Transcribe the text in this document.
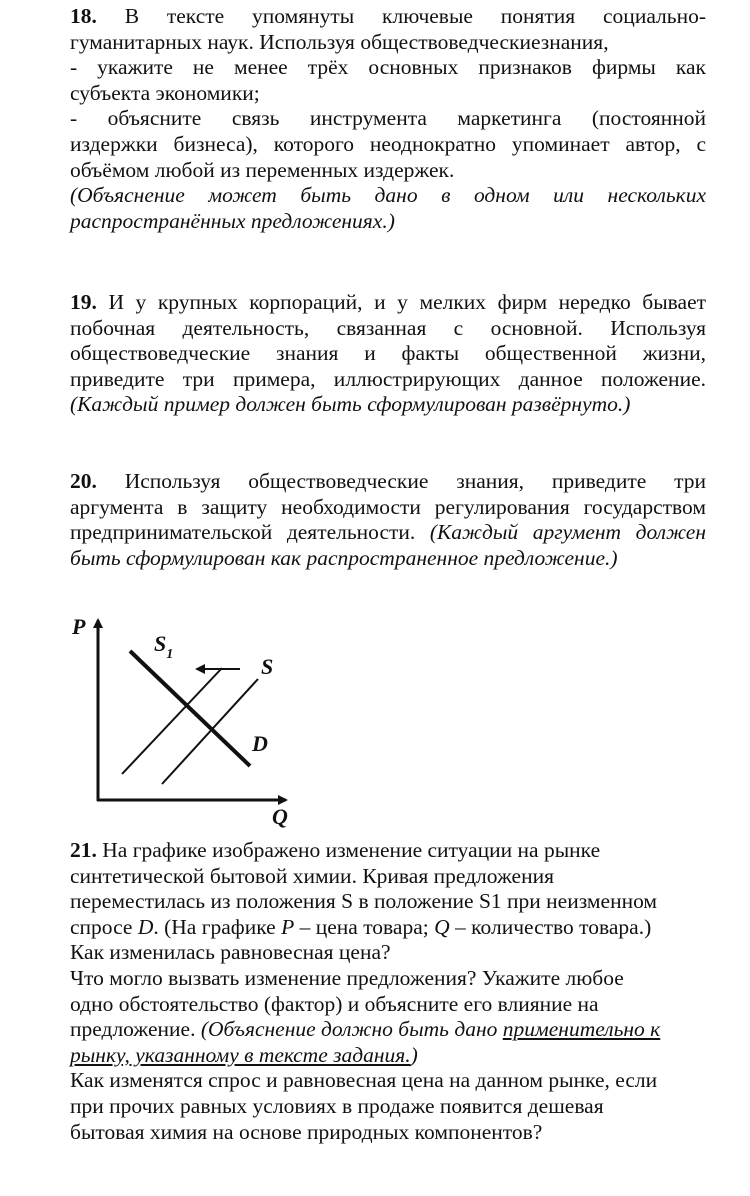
18. В тексте упомянуты ключевые понятия социально-
гуманитарных наук. Используя обществоведческиезнания,
- укажите не менее трёх основных признаков фирмы как
субъекта экономики;
- объясните связь инструмента маркетинга (постоянной
издержки бизнеса), которого неоднократно упоминает автор, с
объёмом любой из переменных издержек.
(Объяснение может быть дано в одном или нескольких
распространённых предложениях.)
19. И у крупных корпораций, и у мелких фирм нередко бывает
побочная деятельность, связанная с основной. Используя
обществоведческие знания и факты общественной жизни,
приведите три примера, иллюстрирующих данное положение.
(Каждый пример должен быть сформулирован развёрнуто.)
20. Используя обществоведческие знания, приведите три
аргумента в защиту необходимости регулирования государством
предпринимательской деятельности. (Каждый аргумент должен
быть сформулирован как распространенное предложение.)
P
Q
$S_1$	S
D
21. На графике изображено изменение ситуации на рынке
синтетической бытовой химии. Кривая предложения
переместилась из положения S в положение S1 при неизменном
спросе D. (На графике P – цена товара; Q – количество товара.)
Как изменилась равновесная цена?
Что могло вызвать изменение предложения? Укажите любое
одно обстоятельство (фактор) и объясните его влияние на
предложение. (Объяснение должно быть дано применительно к
рынку, указанному в тексте задания.)
Как изменятся спрос и равновесная цена на данном рынке, если
при прочих равных условиях в продаже появится дешевая
бытовая химия на основе природных компонентов?
